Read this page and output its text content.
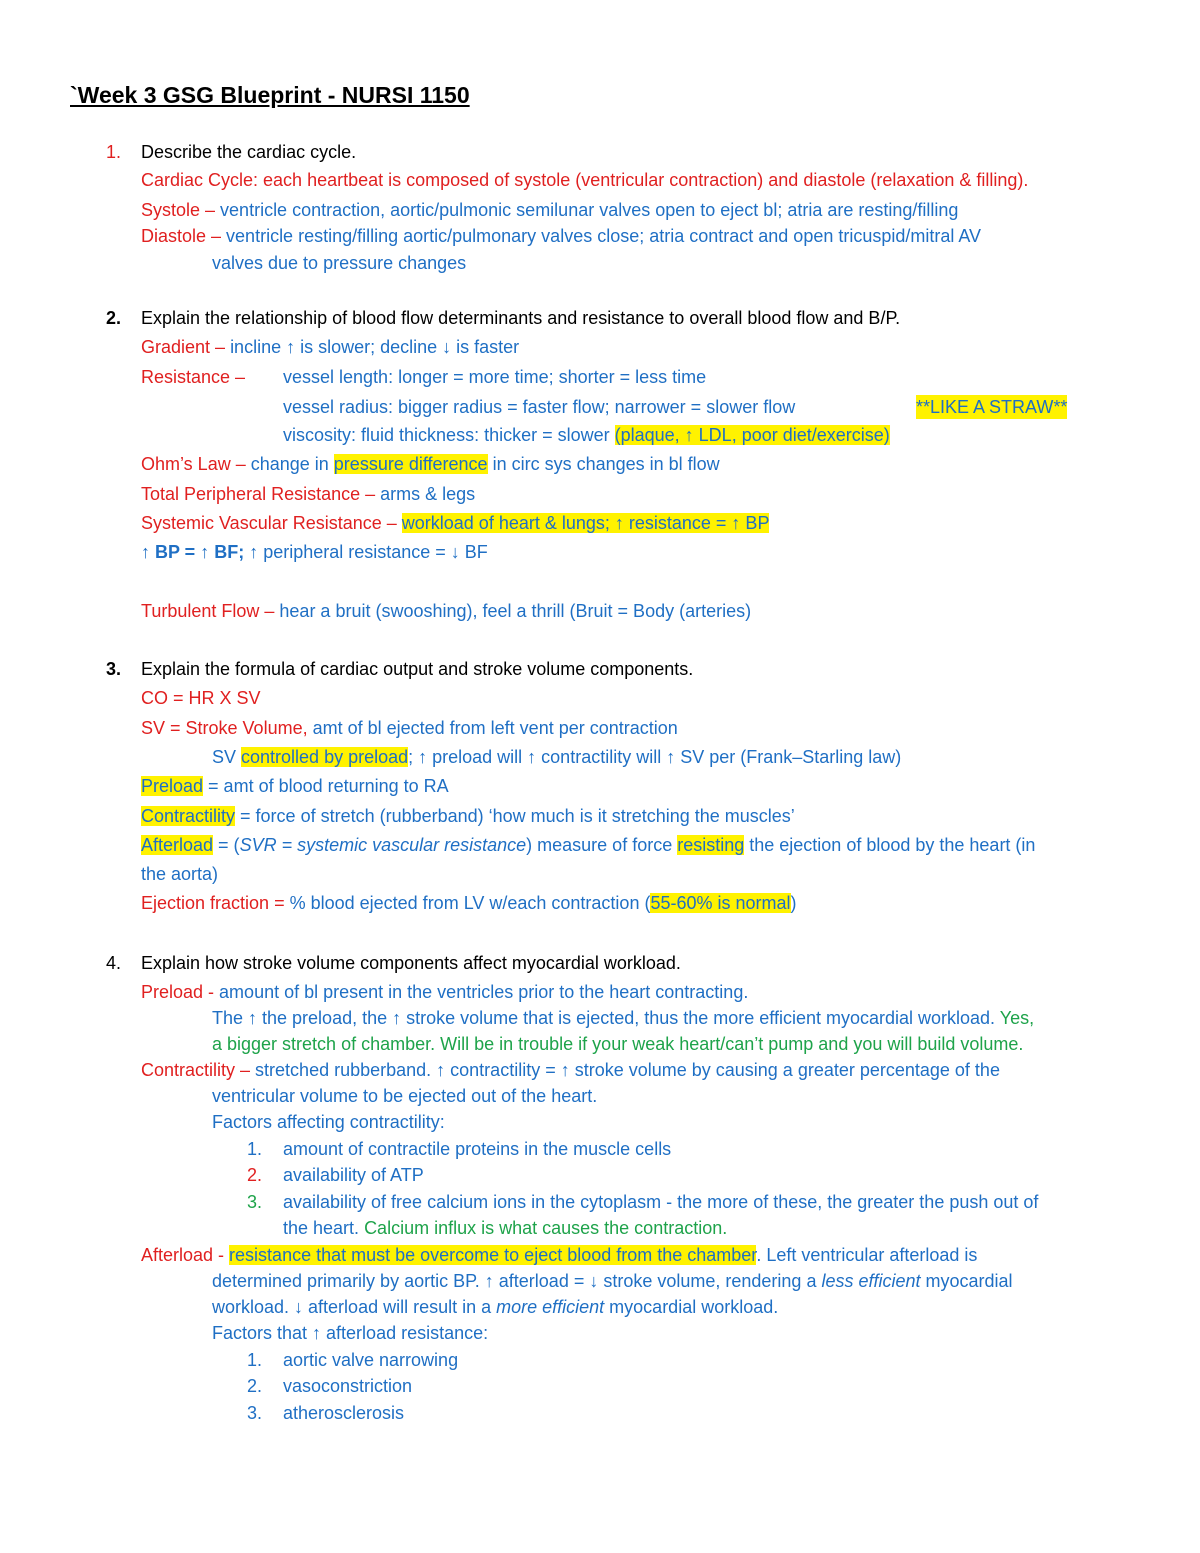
`Week 3 GSG Blueprint - NURSI 1150
1. Describe the cardiac cycle.
Cardiac Cycle: each heartbeat is composed of systole (ventricular contraction) and diastole (relaxation & filling).
Systole – ventricle contraction, aortic/pulmonic semilunar valves open to eject bl; atria are resting/filling
Diastole – ventricle resting/filling aortic/pulmonary valves close; atria contract and open tricuspid/mitral AV
valves due to pressure changes
2. Explain the relationship of blood flow determinants and resistance to overall blood flow and B/P.
Gradient – incline ↑ is slower; decline ↓ is faster
Resistance – vessel length: longer = more time; shorter = less time
vessel radius: bigger radius = faster flow; narrower = slower flow	**LIKE A STRAW**
viscosity: fluid thickness: thicker = slower (plaque, ↑ LDL, poor diet/exercise)
Ohm’s Law – change in pressure difference in circ sys changes in bl flow
Total Peripheral Resistance – arms & legs
Systemic Vascular Resistance – workload of heart & lungs; ↑ resistance = ↑ BP
↑ BP = ↑ BF; ↑ peripheral resistance = ↓ BF
Turbulent Flow – hear a bruit (swooshing), feel a thrill (Bruit = Body (arteries)
3. Explain the formula of cardiac output and stroke volume components.
CO = HR X SV
SV = Stroke Volume, amt of bl ejected from left vent per contraction
SV controlled by preload; ↑ preload will ↑ contractility will ↑ SV per (Frank–Starling law)
Preload = amt of blood returning to RA
Contractility = force of stretch (rubberband) ‘how much is it stretching the muscles’
Afterload = (SVR = systemic vascular resistance) measure of force resisting the ejection of blood by the heart (in
the aorta)
Ejection fraction = % blood ejected from LV w/each contraction (55-60% is normal)
4. Explain how stroke volume components affect myocardial workload.
Preload - amount of bl present in the ventricles prior to the heart contracting.
The ↑ the preload, the ↑ stroke volume that is ejected, thus the more efficient myocardial workload. Yes,
a bigger stretch of chamber. Will be in trouble if your weak heart/can’t pump and you will build volume.
Contractility – stretched rubberband. ↑ contractility = ↑ stroke volume by causing a greater percentage of the
ventricular volume to be ejected out of the heart.
Factors affecting contractility:
1. amount of contractile proteins in the muscle cells
2. availability of ATP
3. availability of free calcium ions in the cytoplasm - the more of these, the greater the push out of
the heart. Calcium influx is what causes the contraction.
Afterload - resistance that must be overcome to eject blood from the chamber. Left ventricular afterload is
determined primarily by aortic BP. ↑ afterload = ↓ stroke volume, rendering a less efficient myocardial
workload. ↓ afterload will result in a more efficient myocardial workload.
Factors that ↑ afterload resistance:
1. aortic valve narrowing
2. vasoconstriction
3. atherosclerosis
